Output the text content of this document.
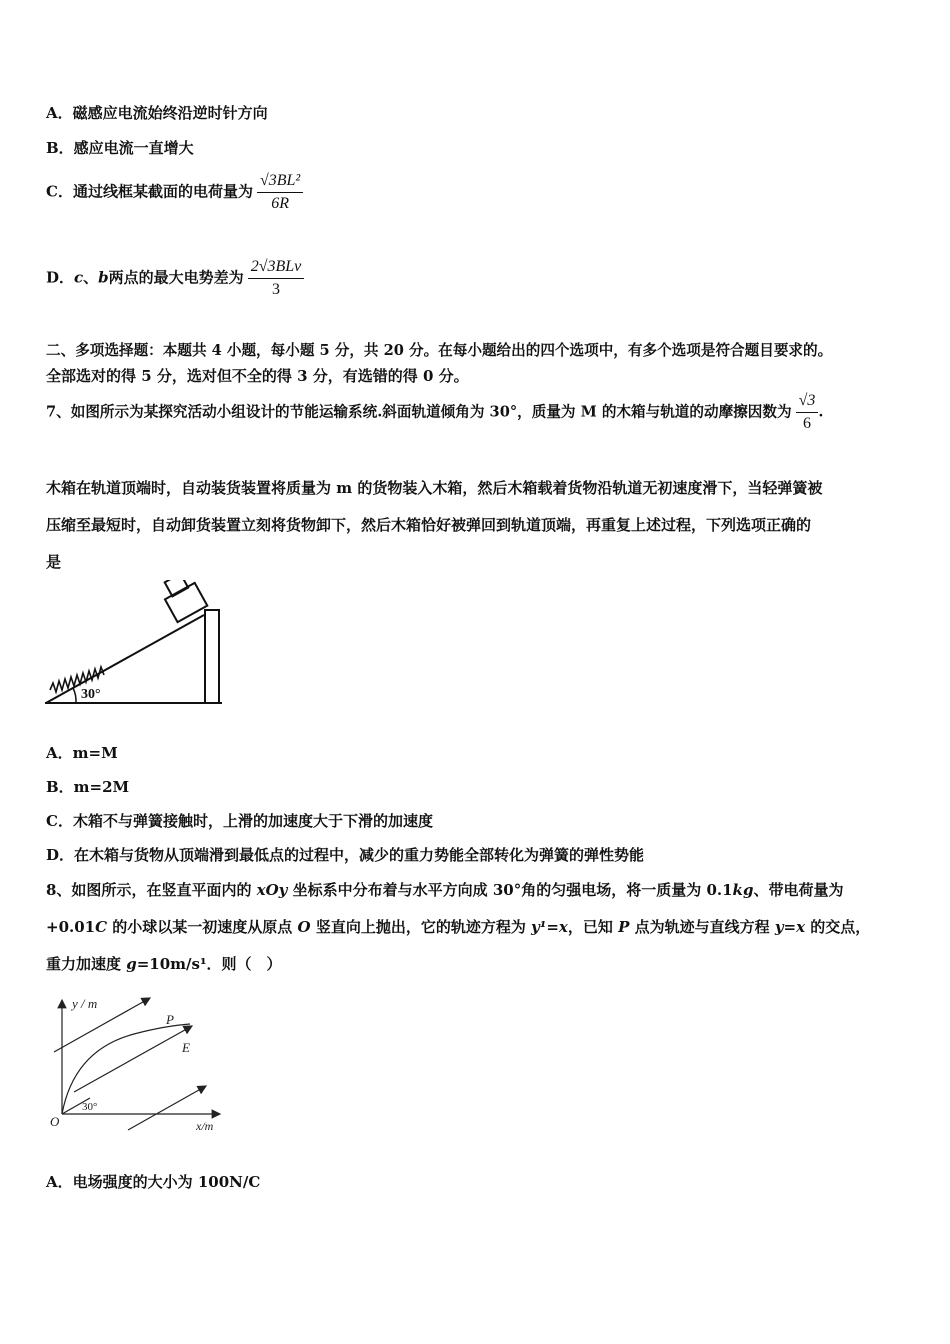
A．磁感应电流始终沿逆时针方向
B．感应电流一直增大
C．通过线框某截面的电荷量为 $\frac{\text{√3BL²}}{6R}$
D．c、b两点的最大电势差为 $\frac{\text{2√3BLv}}{3}$
二、多项选择题：本题共 4 小题，每小题 5 分，共 20 分。在每小题给出的四个选项中，有多个选项是符合题目要求的。
全部选对的得 5 分，选对但不全的得 3 分，有选错的得 0 分。
7、如图所示为某探究活动小组设计的节能运输系统.斜面轨道倾角为 30°，质量为 M 的木箱与轨道的动摩擦因数为 $\frac{√3}{6}$ .
木箱在轨道顶端时，自动装货装置将质量为 m 的货物装入木箱，然后木箱载着货物沿轨道无初速度滑下，当轻弹簧被
压缩至最短时，自动卸货装置立刻将货物卸下，然后木箱恰好被弹回到轨道顶端，再重复上述过程，下列选项正确的
是
30°
A．m=M
B．m=2M
C．木箱不与弹簧接触时，上滑的加速度大于下滑的加速度
D．在木箱与货物从顶端滑到最低点的过程中，减少的重力势能全部转化为弹簧的弹性势能
8、如图所示，在竖直平面内的 xOy 坐标系中分布着与水平方向成 30°角的匀强电场，将一质量为 0.1kg、带电荷量为
+0.01C 的小球以某一初速度从原点 O 竖直向上抛出，它的轨迹方程为 y¹=x，已知 P 点为轨迹与直线方程 y=x 的交点，
重力加速度 g=10m/s¹．则（　）
y / m
P
E
30°
O	x/m
A．电场强度的大小为 100N/C
